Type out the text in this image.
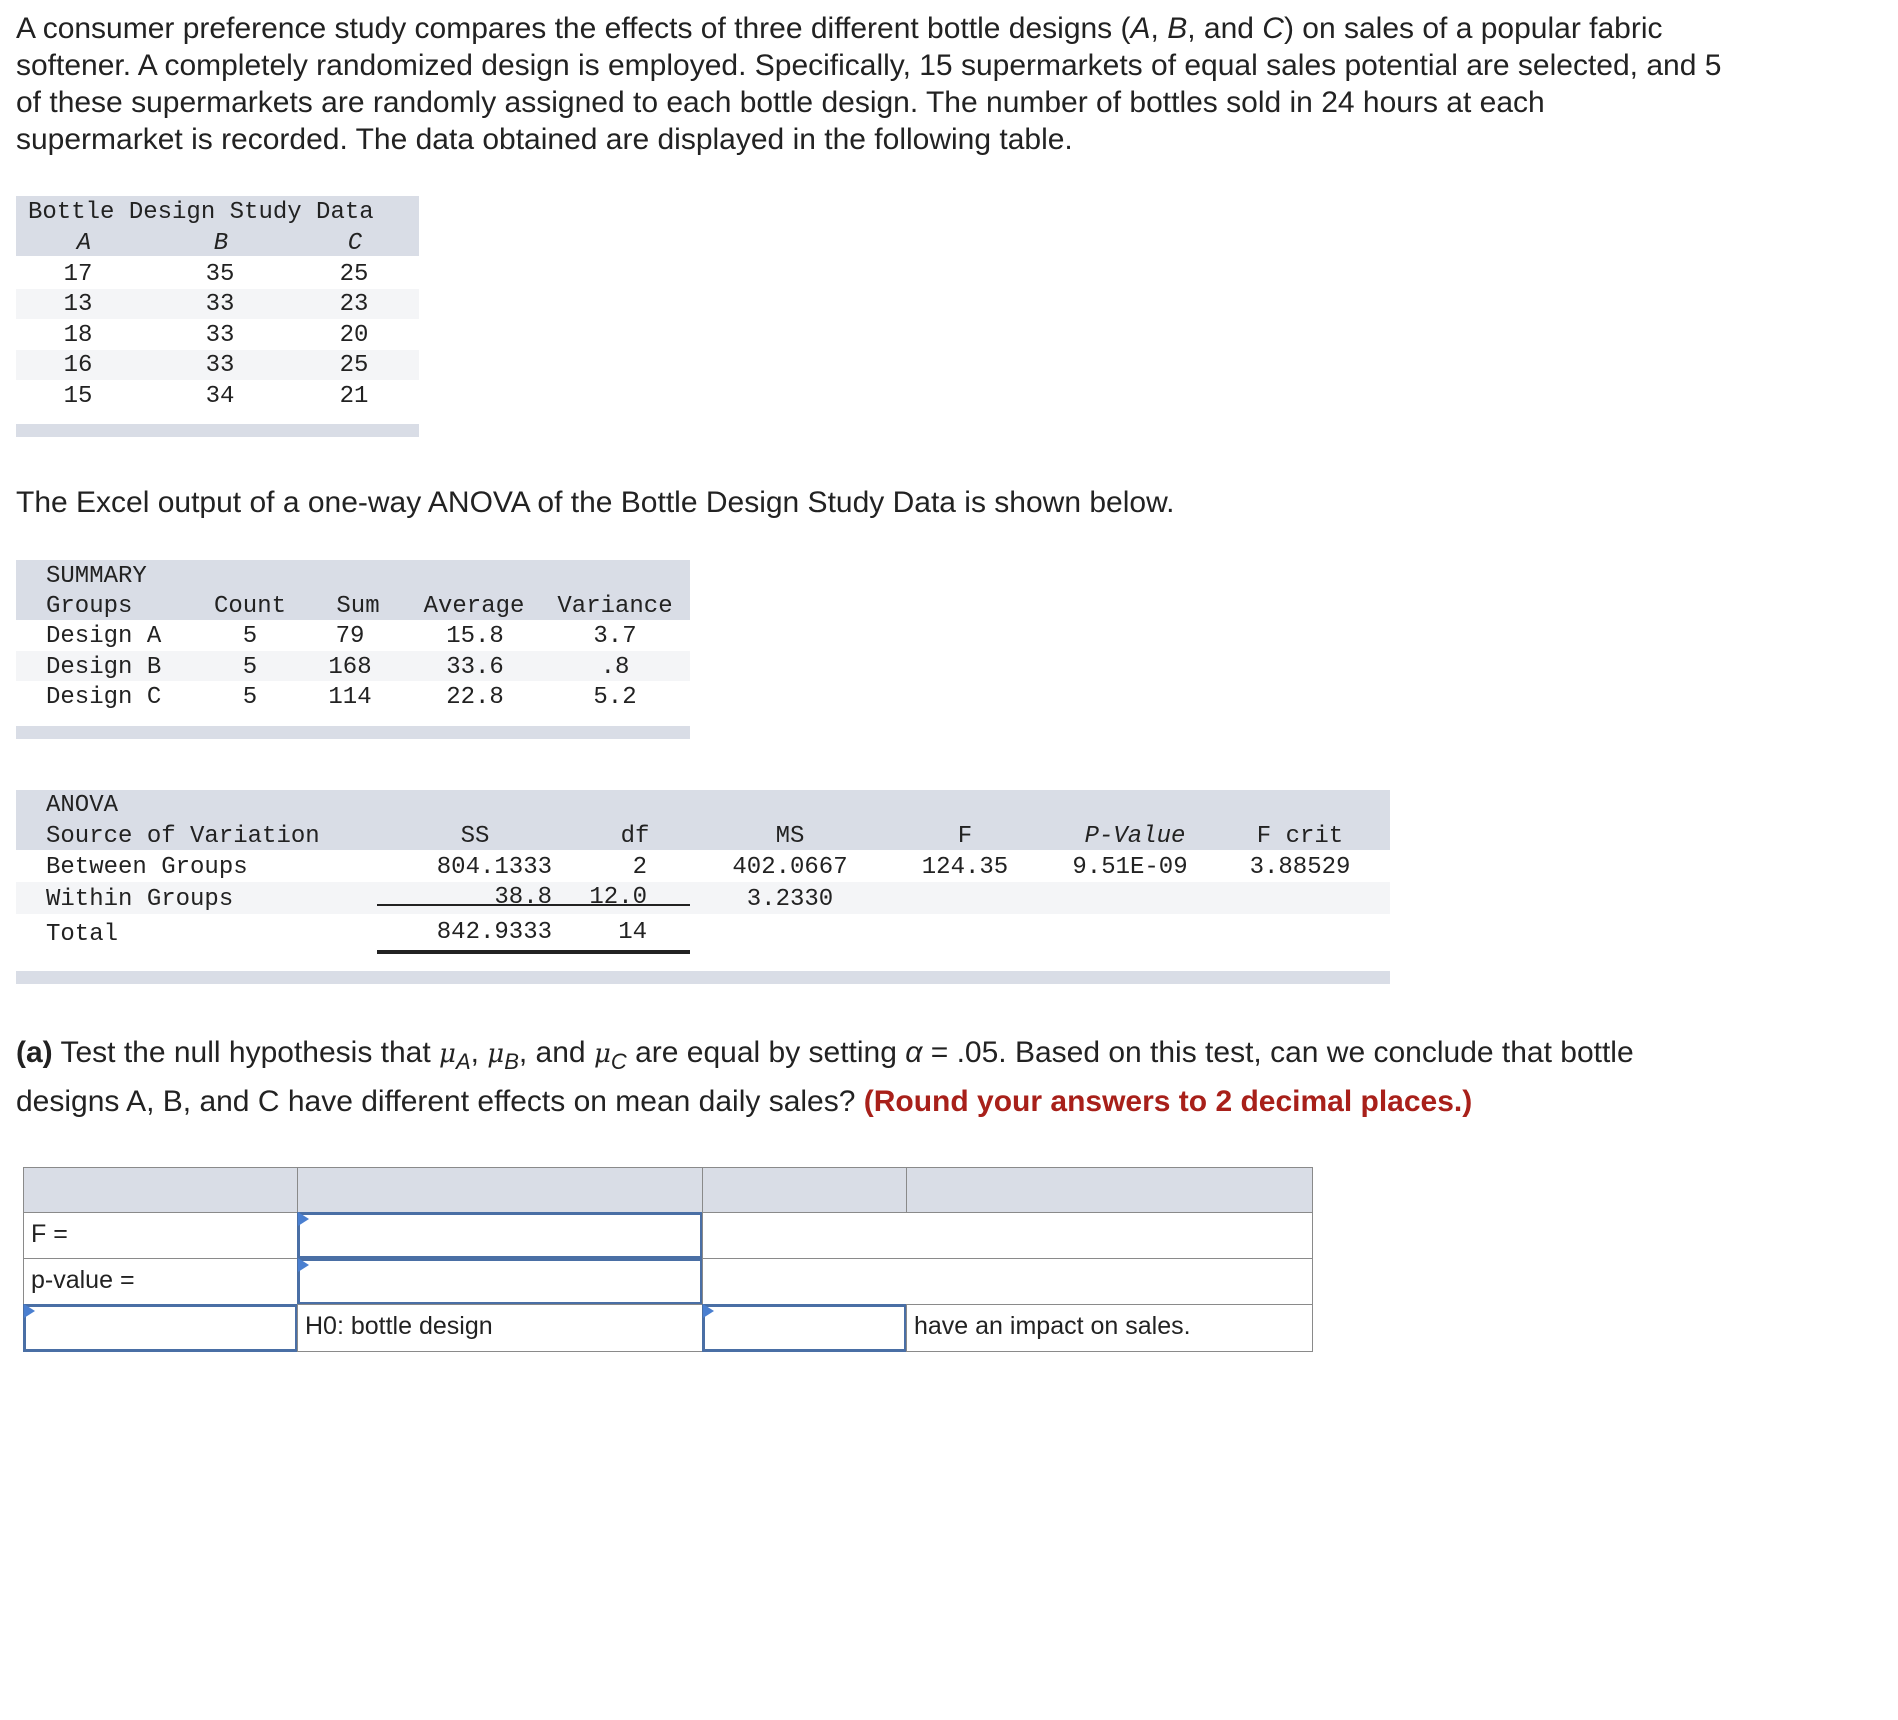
A consumer preference study compares the effects of three different bottle designs (A, B, and C) on sales of a popular fabric
softener. A completely randomized design is employed. Specifically, 15 supermarkets of equal sales potential are selected, and 5
of these supermarkets are randomly assigned to each bottle design. The number of bottles sold in 24 hours at each
supermarket is recorded. The data obtained are displayed in the following table.
Bottle Design Study Data
A	B	C
17	35	25
13	33	23
18	33	20
16	33	25
15	34	21
The Excel output of a one-way ANOVA of the Bottle Design Study Data is shown below.
SUMMARY
Groups	Count	Sum	Average	Variance
Design A	5	79	15.8	3.7
Design B	5	168	33.6	.8
Design C	5	114	22.8	5.2
ANOVA
Source of Variation	SS	df	MS	F	P-Value	F crit
Between Groups	804.1333	2	402.0667	124.35	9.51E-09	3.88529
Within Groups	38.8	12.0	3.2330
Total	842.9333	14
(a) Test the null hypothesis that $\mu_A$, $\mu_B$, and $\mu_C$ are equal by setting α = .05. Based on this test, can we conclude that bottle
designs A, B, and C have different effects on mean daily sales? (Round your answers to 2 decimal places.)
F =
p-value =
H0: bottle design	have an impact on sales.
